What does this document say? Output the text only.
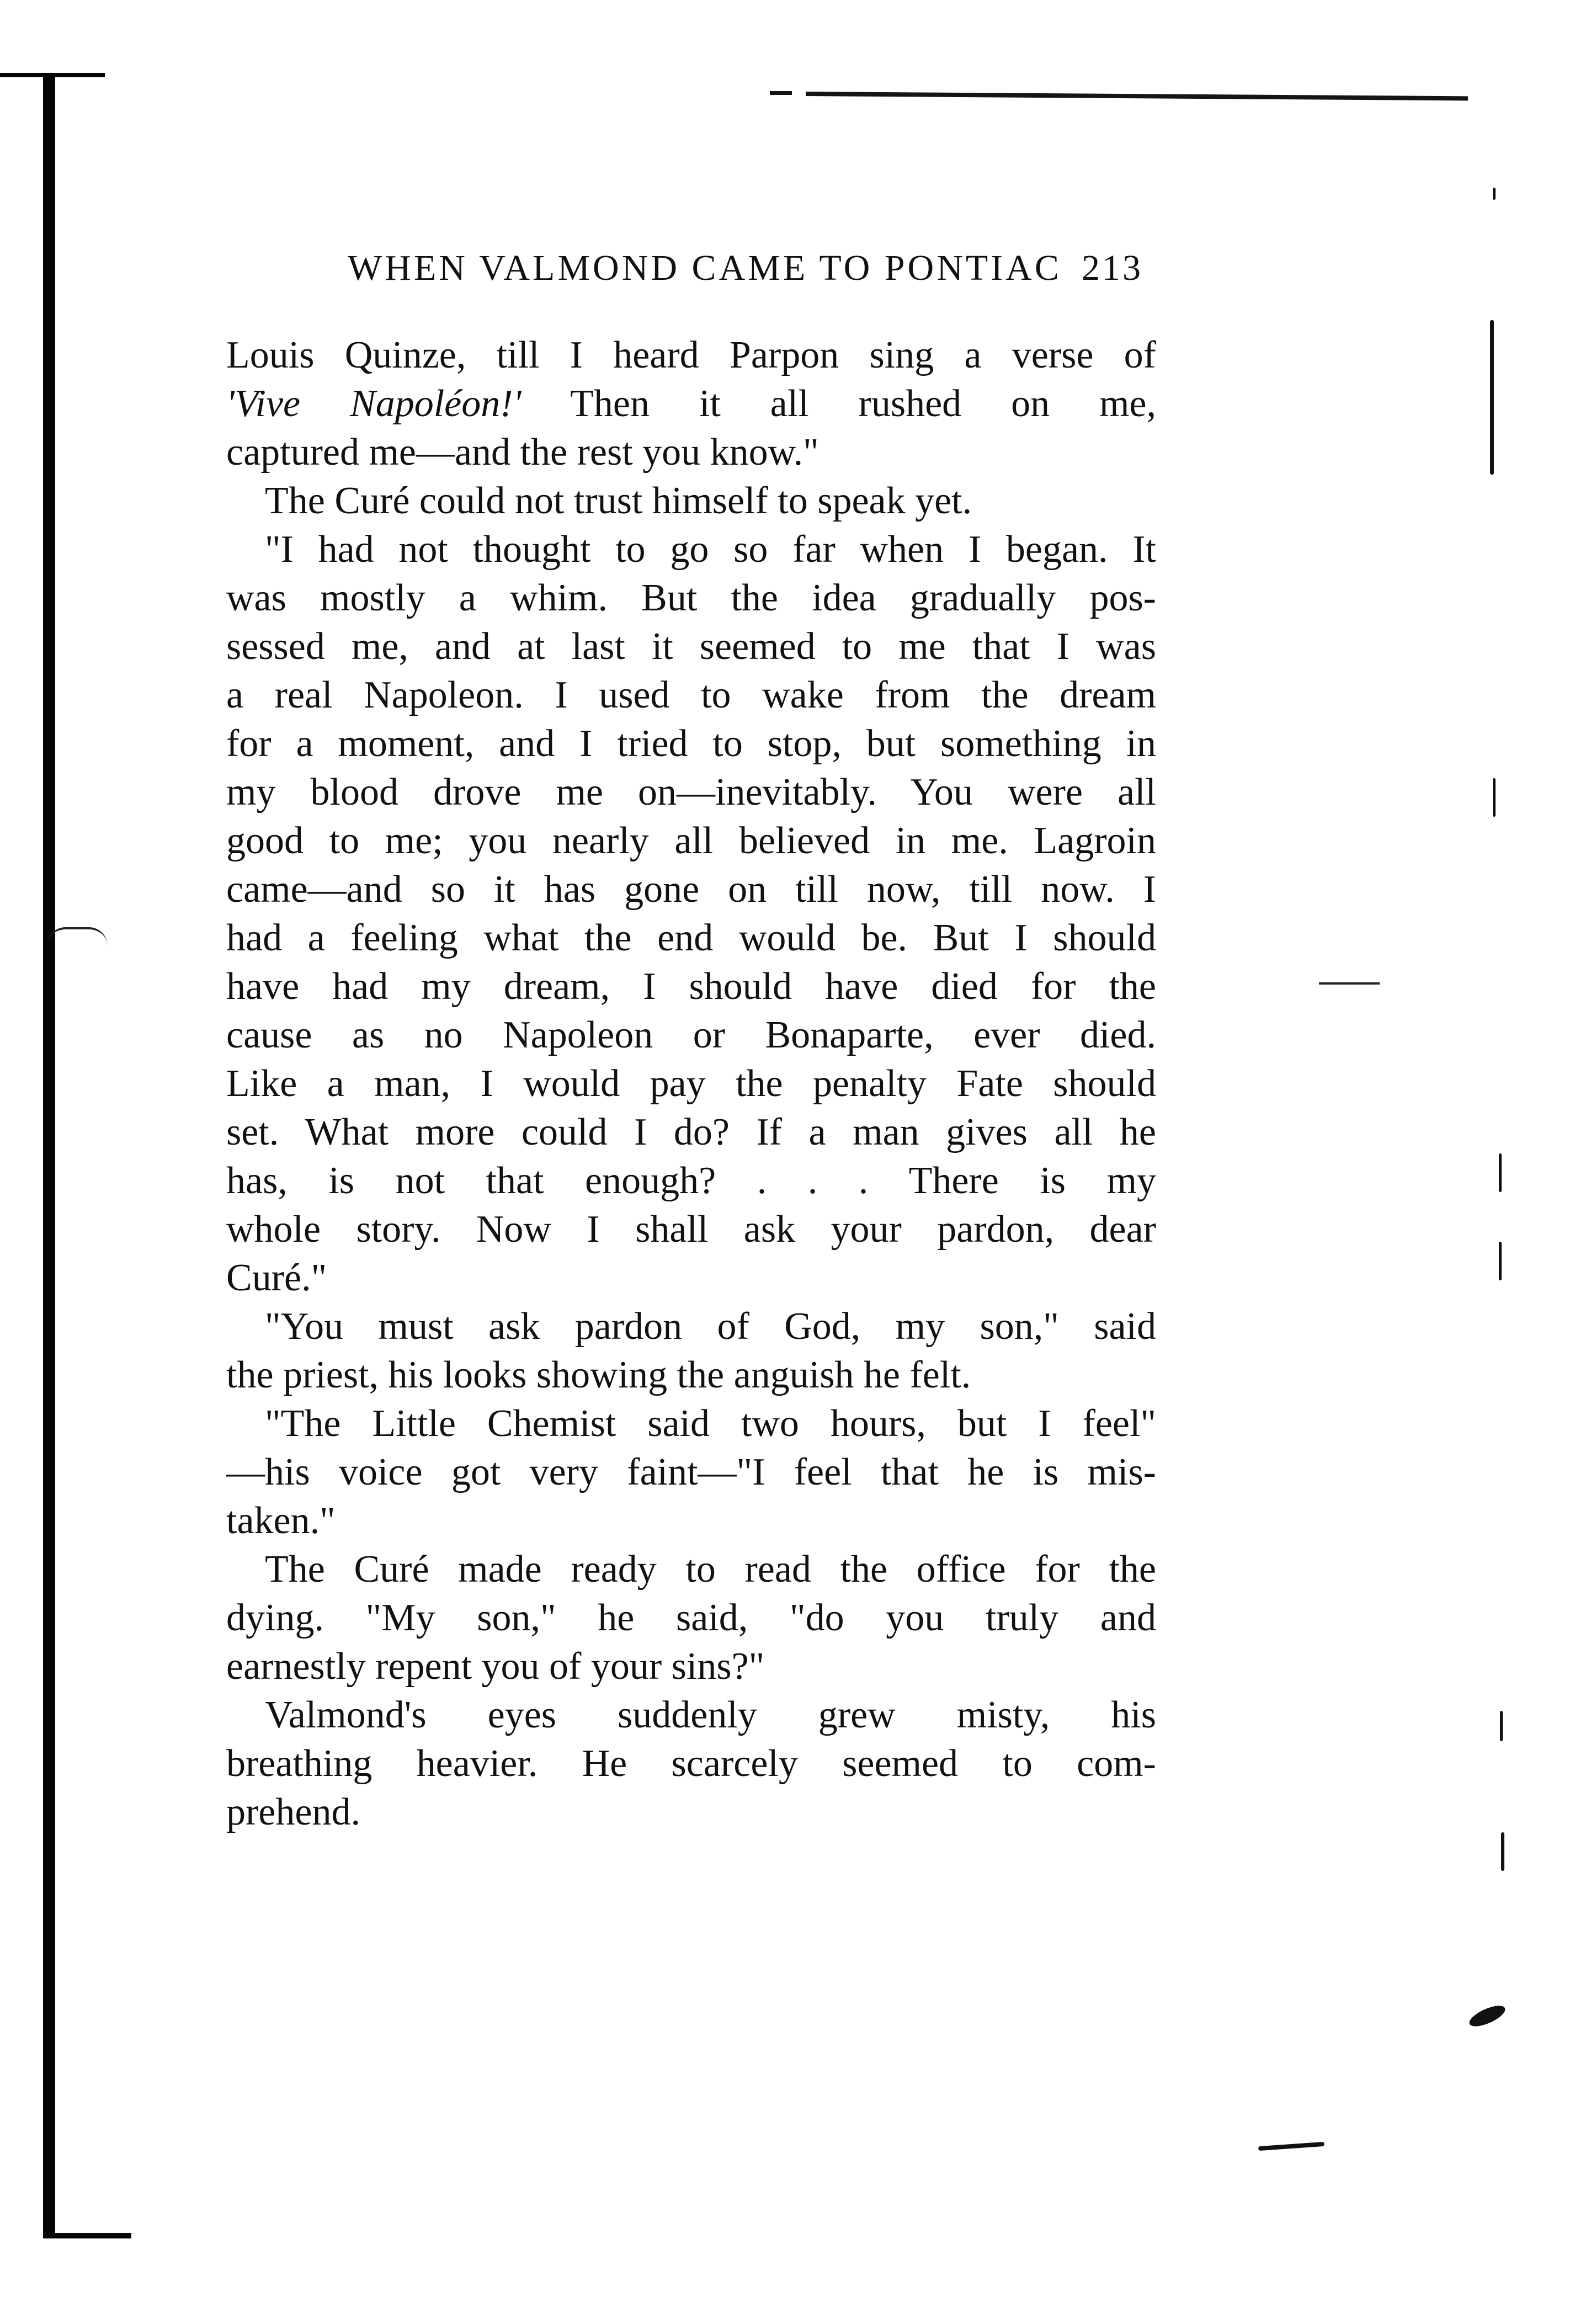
WHEN VALMOND CAME TO PONTIAC 213
Louis Quinze, till I heard Parpon sing a verse of
'Vive Napoléon!' Then it all rushed on me,
captured me—and the rest you know."
The Curé could not trust himself to speak yet.
"I had not thought to go so far when I began. It
was mostly a whim. But the idea gradually pos-
sessed me, and at last it seemed to me that I was
a real Napoleon. I used to wake from the dream
for a moment, and I tried to stop, but something in
my blood drove me on—inevitably. You were all
good to me; you nearly all believed in me. Lagroin
came—and so it has gone on till now, till now. I
had a feeling what the end would be. But I should
have had my dream, I should have died for the
cause as no Napoleon or Bonaparte, ever died.
Like a man, I would pay the penalty Fate should
set. What more could I do? If a man gives all he
has, is not that enough? . . . There is my
whole story. Now I shall ask your pardon, dear
Curé."
"You must ask pardon of God, my son," said
the priest, his looks showing the anguish he felt.
"The Little Chemist said two hours, but I feel"
—his voice got very faint—"I feel that he is mis-
taken."
The Curé made ready to read the office for the
dying. "My son," he said, "do you truly and
earnestly repent you of your sins?"
Valmond's eyes suddenly grew misty, his
breathing heavier. He scarcely seemed to com-
prehend.
